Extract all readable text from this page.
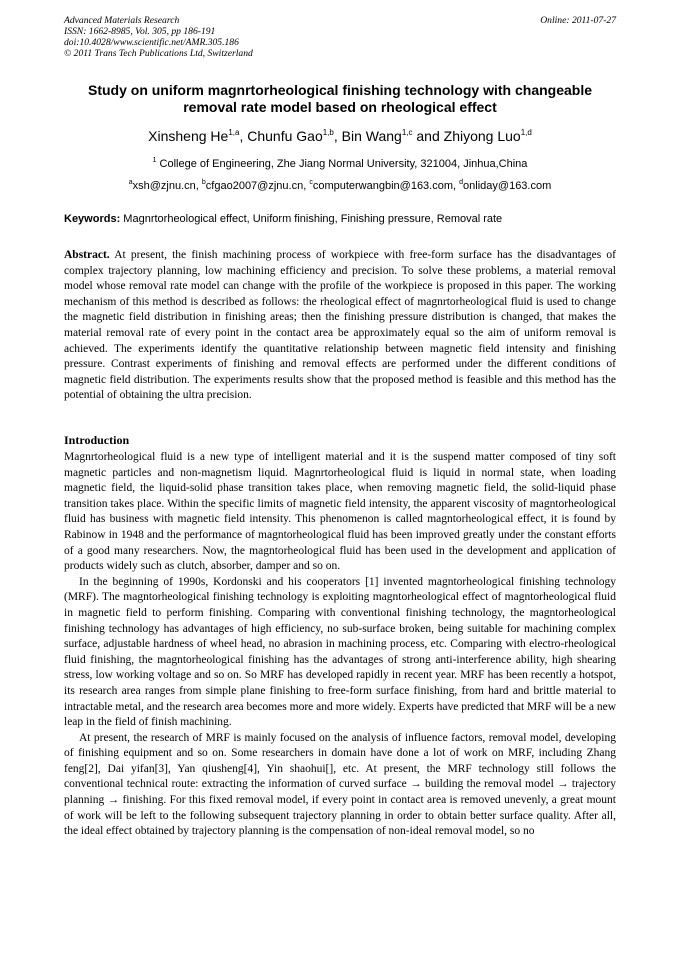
Advanced Materials Research
ISSN: 1662-8985, Vol. 305, pp 186-191
doi:10.4028/www.scientific.net/AMR.305.186
© 2011 Trans Tech Publications Ltd, Switzerland
Online: 2011-07-27
Study on uniform magnrtorheological finishing technology with changeable removal rate model based on rheological effect
Xinsheng He$^{1,a}$, Chunfu Gao$^{1,b}$, Bin Wang$^{1,c}$ and Zhiyong Luo$^{1,d}$
$^1$ College of Engineering, Zhe Jiang Normal University, 321004, Jinhua,China
$^a$xsh@zjnu.cn, $^b$cfgao2007@zjnu.cn, $^c$computerwangbin@163.com, $^d$onliday@163.com
Keywords: Magnrtorheological effect, Uniform finishing, Finishing pressure, Removal rate

Abstract. At present, the finish machining process of workpiece with free-form surface has the disadvantages of complex trajectory planning, low machining efficiency and precision. To solve these problems, a material removal model whose removal rate model can change with the profile of the workpiece is proposed in this paper. The working mechanism of this method is described as follows: the rheological effect of magnrtorheological fluid is used to change the magnetic field distribution in finishing areas; then the finishing pressure distribution is changed, that makes the material removal rate of every point in the contact area be approximately equal so the aim of uniform removal is achieved. The experiments identify the quantitative relationship between magnetic field intensity and finishing pressure. Contrast experiments of finishing and removal effects are performed under the different conditions of magnetic field distribution. The experiments results show that the proposed method is feasible and this method has the potential of obtaining the ultra precision.

Introduction

Magnrtorheological fluid is a new type of intelligent material and it is the suspend matter composed of tiny soft magnetic particles and non-magnetism liquid. Magnrtorheological fluid is liquid in normal state, when loading magnetic field, the liquid-solid phase transition takes place, when removing magnetic field, the solid-liquid phase transition takes place. Within the specific limits of magnetic field intensity, the apparent viscosity of magntorheological fluid has business with magnetic field intensity. This phenomenon is called magntorheological effect, it is found by Rabinow in 1948 and the performance of magntorheological fluid has been improved greatly under the constant efforts of a good many researchers. Now, the magntorheological fluid has been used in the development and application of products widely such as clutch, absorber, damper and so on.

In the beginning of 1990s, Kordonski and his cooperators [1] invented magntorheological finishing technology (MRF). The magntorheological finishing technology is exploiting magntorheological effect of magntorheological fluid in magnetic field to perform finishing. Comparing with conventional finishing technology, the magntorheological finishing technology has advantages of high efficiency, no sub-surface broken, being suitable for machining complex surface, adjustable hardness of wheel head, no abrasion in machining process, etc. Comparing with electro-rheological fluid finishing, the magntorheological finishing has the advantages of strong anti-interference ability, high shearing stress, low working voltage and so on. So MRF has developed rapidly in recent year. MRF has been recently a hotspot, its research area ranges from simple plane finishing to free-form surface finishing, from hard and brittle material to intractable metal, and the research area becomes more and more widely. Experts have predicted that MRF will be a new leap in the field of finish machining.

At present, the research of MRF is mainly focused on the analysis of influence factors, removal model, developing of finishing equipment and so on. Some researchers in domain have done a lot of work on MRF, including Zhang feng[2], Dai yifan[3], Yan qiusheng[4], Yin shaohui[], etc. At present, the MRF technology still follows the conventional technical route: extracting the information of curved surface → building the removal model → trajectory planning → finishing. For this fixed removal model, if every point in contact area is removed unevenly, a great mount of work will be left to the following subsequent trajectory planning in order to obtain better surface quality. After all, the ideal effect obtained by trajectory planning is the compensation of non-ideal removal model, so no
